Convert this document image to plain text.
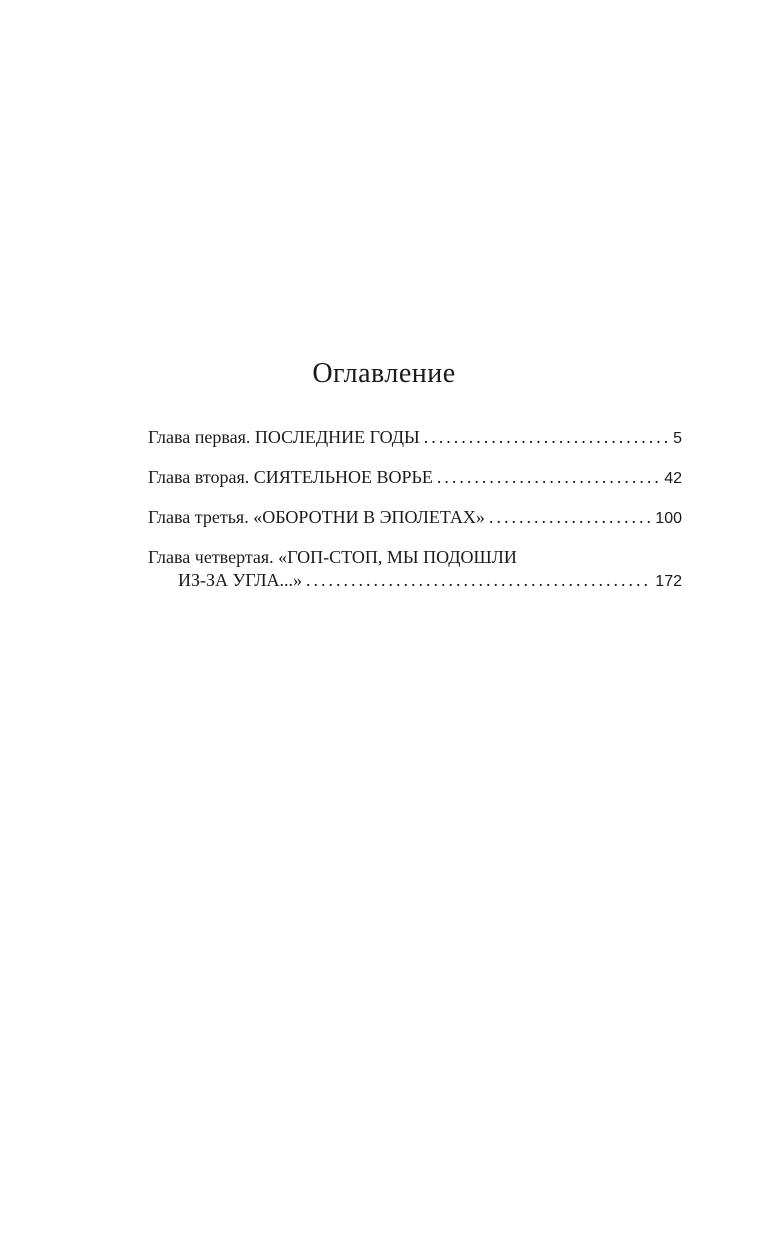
Оглавление
Глава первая. ПОСЛЕДНИЕ ГОДЫ . . .	5
Глава вторая. СИЯТЕЛЬНОЕ ВОРЬЕ . . .	42
Глава третья. «ОБОРОТНИ В ЭПОЛЕТАХ» . . .	100
Глава четвертая. «ГОП-СТОП, МЫ ПОДОШЛИ
ИЗ-ЗА УГЛА...» . . .	172
